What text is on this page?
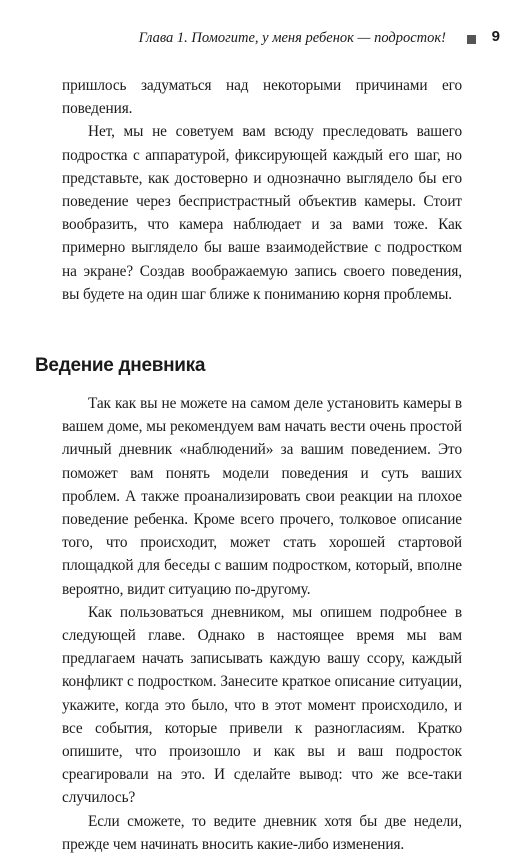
Глава 1. Помогите, у меня ребенок — подросток!	9

пришлось задуматься над некоторыми причинами его поведения.

Нет, мы не советуем вам всюду преследовать вашего подростка с аппаратурой, фиксирующей каждый его шаг, но представьте, как достоверно и однозначно выглядело бы его поведение через беспристрастный объектив камеры. Стоит вообразить, что камера наблюдает и за вами тоже. Как примерно выглядело бы ваше взаимодействие с подростком на экране? Создав воображаемую запись своего поведения, вы будете на один шаг ближе к пониманию корня проблемы.

Ведение дневника

Так как вы не можете на самом деле установить камеры в вашем доме, мы рекомендуем вам начать вести очень простой личный дневник «наблюдений» за вашим поведением. Это поможет вам понять модели поведения и суть ваших проблем. А также проанализировать свои реакции на плохое поведение ребенка. Кроме всего прочего, толковое описание того, что происходит, может стать хорошей стартовой площадкой для беседы с вашим подростком, который, вполне вероятно, видит ситуацию по-другому.

Как пользоваться дневником, мы опишем подробнее в следующей главе. Однако в настоящее время мы вам предлагаем начать записывать каждую вашу ссору, каждый конфликт с подростком. Занесите краткое описание ситуации, укажите, когда это было, что в этот момент происходило, и все события, которые привели к разногласиям. Кратко опишите, что произошло и как вы и ваш подросток среагировали на это. И сделайте вывод: что же все-таки случилось?

Если сможете, то ведите дневник хотя бы две недели, прежде чем начинать вносить какие-либо изменения.
